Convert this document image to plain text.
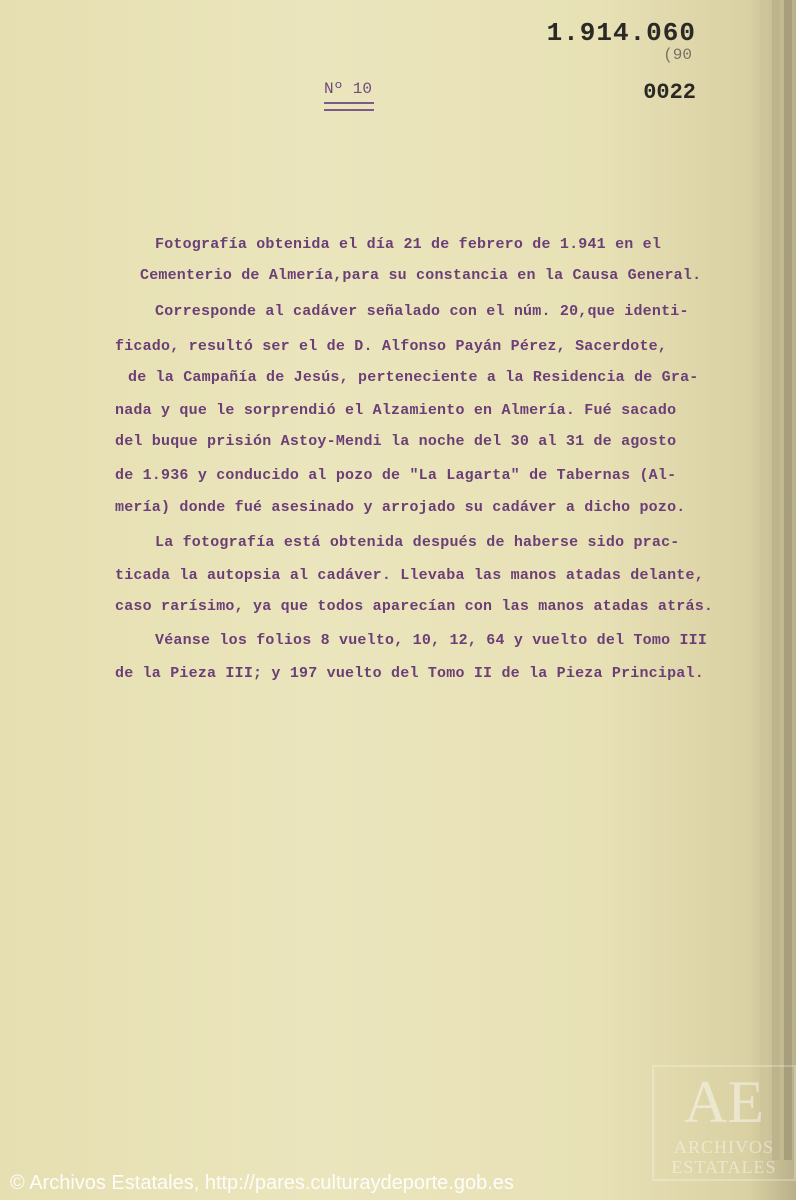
1.914.060
(90
0022
Nº 10
Fotografía obtenida el día 21 de febrero de 1.941 en el
Cementerio de Almería,para su constancia en la Causa General.
Corresponde al cadáver señalado con el núm. 20,que identi-
ficado, resultó ser el de D. Alfonso Payán Pérez, Sacerdote,
de la Campañía de Jesús, perteneciente a la Residencia de Gra-
nada y que le sorprendió el Alzamiento en Almería. Fué sacado
del buque prisión Astoy-Mendi la noche del 30 al 31 de agosto
de 1.936 y conducido al pozo de "La Lagarta" de Tabernas (Al-
mería) donde fué asesinado y arrojado su cadáver a dicho pozo.
La fotografía está obtenida después de haberse sido prac-
ticada la autopsia al cadáver. Llevaba las manos atadas delante,
caso rarísimo, ya que todos aparecían con las manos atadas atrás.
Véanse los folios 8 vuelto, 10, 12, 64 y vuelto del Tomo III
de la Pieza III; y 197 vuelto del Tomo II de la Pieza Principal.
AE
ARCHIVOS ESTATALES
© Archivos Estatales, http://pares.culturaydeporte.gob.es
